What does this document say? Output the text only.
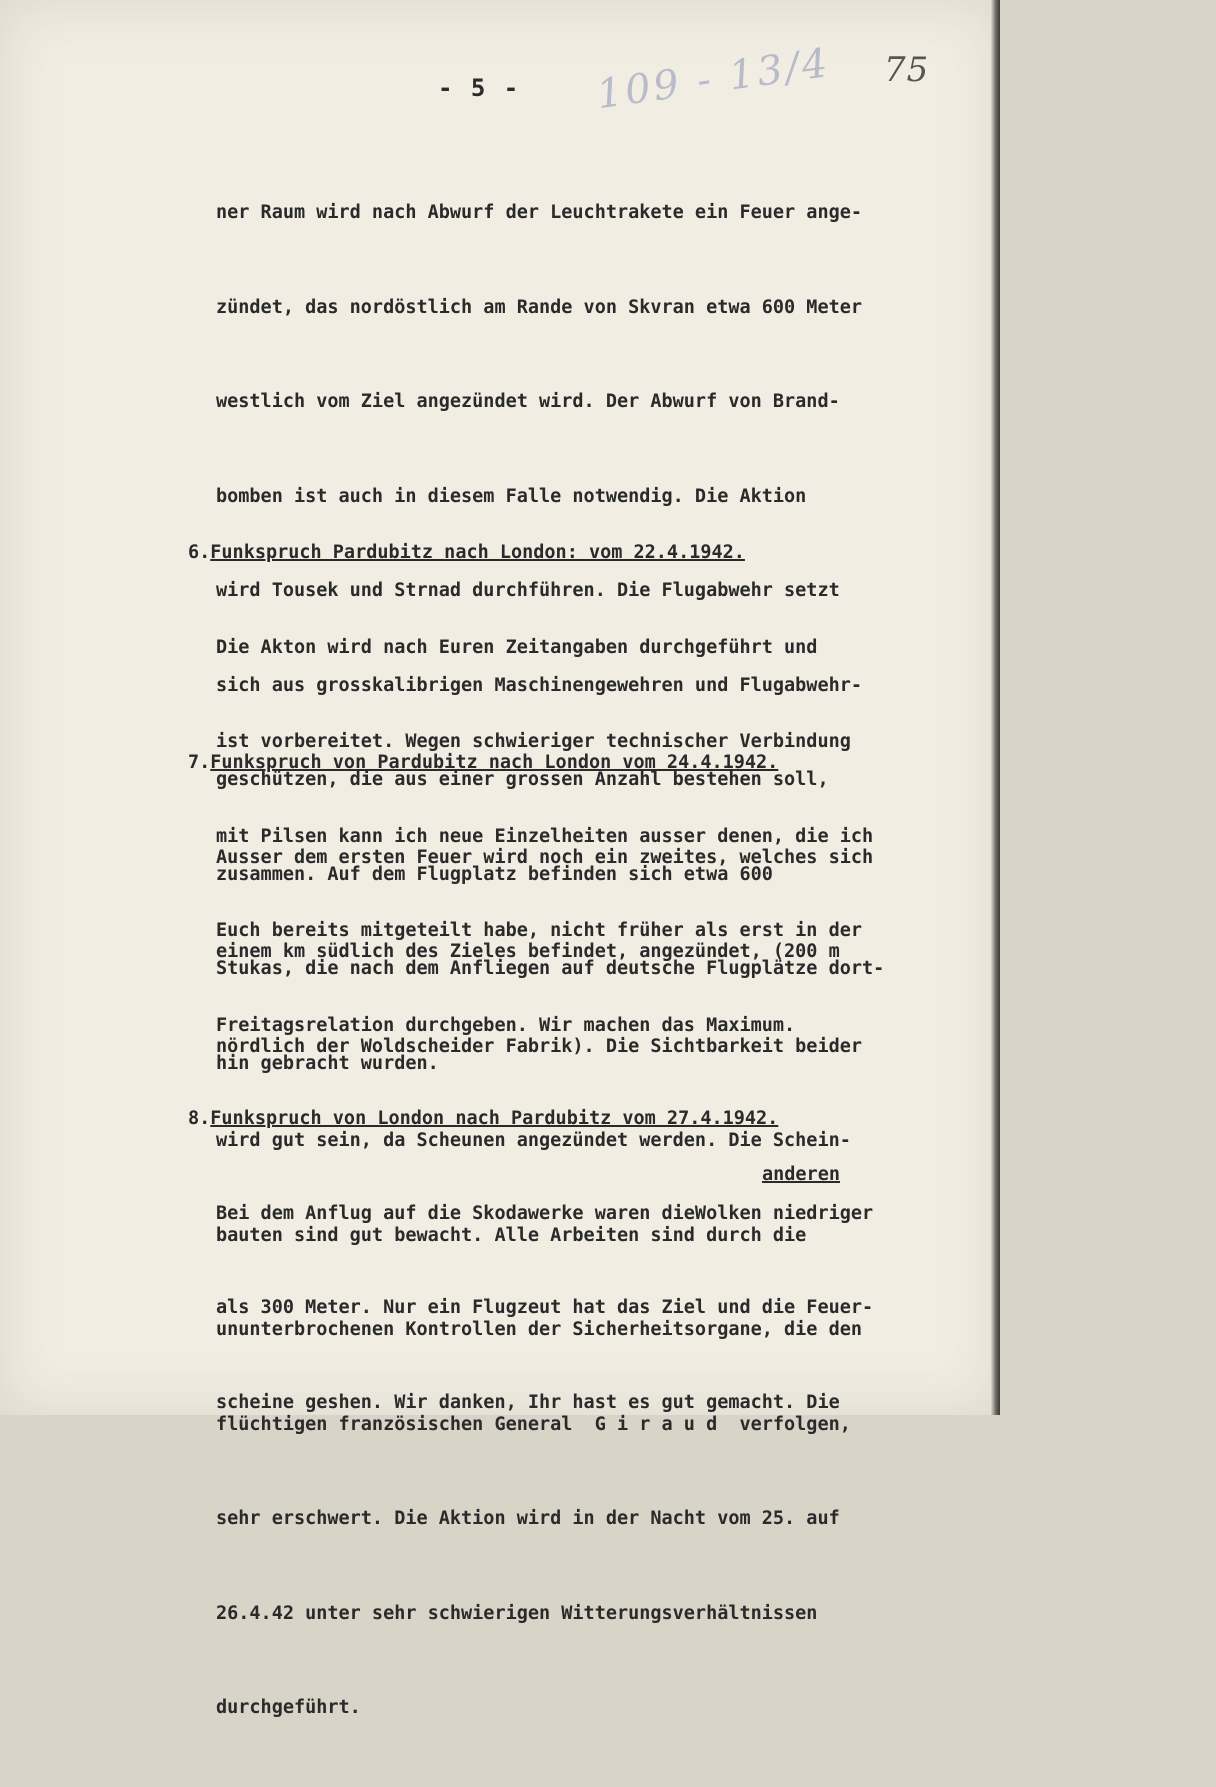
- 5 - 109 - 13/4 75

ner Raum wird nach Abwurf der Leuchtrakete ein Feuer ange-

zündet, das nordöstlich am Rande von Skvran etwa 600 Meter

westlich vom Ziel angezündet wird. Der Abwurf von Brand-

bomben ist auch in diesem Falle notwendig. Die Aktion

wird Tousek und Strnad durchführen. Die Flugabwehr setzt

sich aus grosskalibrigen Maschinengewehren und Flugabwehr-

geschützen, die aus einer grossen Anzahl bestehen soll,

zusammen. Auf dem Flugplatz befinden sich etwa 600

Stukas, die nach dem Anfliegen auf deutsche Flugplätze dort-

hin gebracht wurden.

6.Funkspruch Pardubitz nach London: vom 22.4.1942.

Die Akton wird nach Euren Zeitangaben durchgeführt und

ist vorbereitet. Wegen schwieriger technischer Verbindung

mit Pilsen kann ich neue Einzelheiten ausser denen, die ich

Euch bereits mitgeteilt habe, nicht früher als erst in der

Freitagsrelation durchgeben. Wir machen das Maximum.

7.Funkspruch von Pardubitz nach London vom 24.4.1942.

Ausser dem ersten Feuer wird noch ein zweites, welches sich

einem km südlich des Zieles befindet, angezündet, (200 m

nördlich der Woldscheider Fabrik). Die Sichtbarkeit beider

wird gut sein, da Scheunen angezündet werden. Die Schein-

bauten sind gut bewacht. Alle Arbeiten sind durch die

ununterbrochenen Kontrollen der Sicherheitsorgane, die den

flüchtigen französischen General  G i r a u d  verfolgen,

sehr erschwert. Die Aktion wird in der Nacht vom 25. auf

26.4.42 unter sehr schwierigen Witterungsverhältnissen

durchgeführt.

8.Funkspruch von London nach Pardubitz vom 27.4.1942.

Bei dem Anflug auf die Skodawerke waren dieWolken niedriger

als 300 Meter. Nur ein Flugzeut hat das Ziel und die Feuer-

scheine geshen. Wir danken, Ihr hast es gut gemacht. Die

anderen
